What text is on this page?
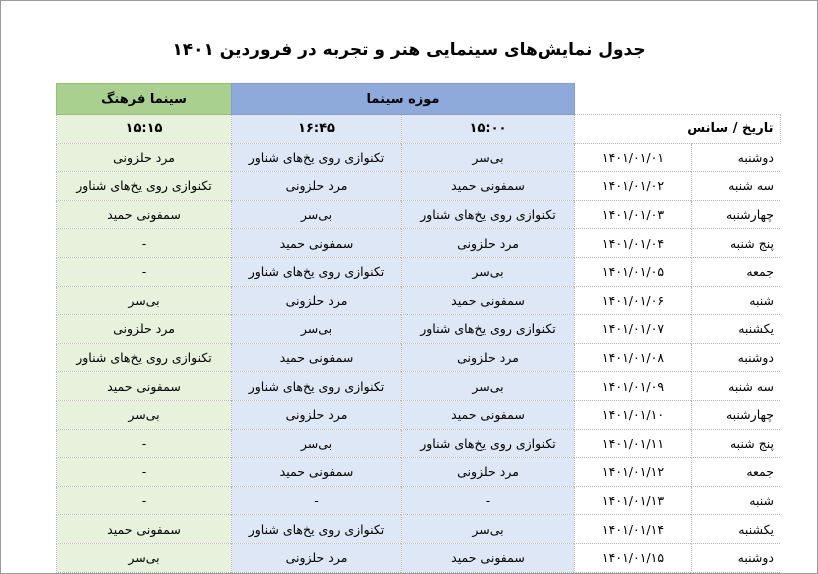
جدول نمایش‌های سینمایی هنر و تجربه در فروردین ۱۴۰۱
		موزه سینما		سینما فرهنگ
تاریخ / سانس		۱۵:۰۰	۱۶:۴۵	۱۵:۱۵
دوشنبه	۱۴۰۱/۰۱/۰۱	بی‌سر	تکنوازی روی یخ‌های شناور	مرد حلزونی
سه شنبه	۱۴۰۱/۰۱/۰۲	سمفونی حمید	مرد حلزونی	تکنوازی روی یخ‌های شناور
چهارشنبه	۱۴۰۱/۰۱/۰۳	تکنوازی روی یخ‌های شناور	بی‌سر	سمفونی حمید
پنج شنبه	۱۴۰۱/۰۱/۰۴	مرد حلزونی	سمفونی حمید	-
جمعه	۱۴۰۱/۰۱/۰۵	بی‌سر	تکنوازی روی یخ‌های شناور	-
شنبه	۱۴۰۱/۰۱/۰۶	سمفونی حمید	مرد حلزونی	بی‌سر
یکشنبه	۱۴۰۱/۰۱/۰۷	تکنوازی روی یخ‌های شناور	بی‌سر	مرد حلزونی
دوشنبه	۱۴۰۱/۰۱/۰۸	مرد حلزونی	سمفونی حمید	تکنوازی روی یخ‌های شناور
سه شنبه	۱۴۰۱/۰۱/۰۹	بی‌سر	تکنوازی روی یخ‌های شناور	سمفونی حمید
چهارشنبه	۱۴۰۱/۰۱/۱۰	سمفونی حمید	مرد حلزونی	بی‌سر
پنج شنبه	۱۴۰۱/۰۱/۱۱	تکنوازی روی یخ‌های شناور	بی‌سر	-
جمعه	۱۴۰۱/۰۱/۱۲	مرد حلزونی	سمفونی حمید	-
شنبه	۱۴۰۱/۰۱/۱۳	-	-	-
یکشنبه	۱۴۰۱/۰۱/۱۴	بی‌سر	تکنوازی روی یخ‌های شناور	سمفونی حمید
دوشنبه	۱۴۰۱/۰۱/۱۵	سمفونی حمید	مرد حلزونی	بی‌سر
